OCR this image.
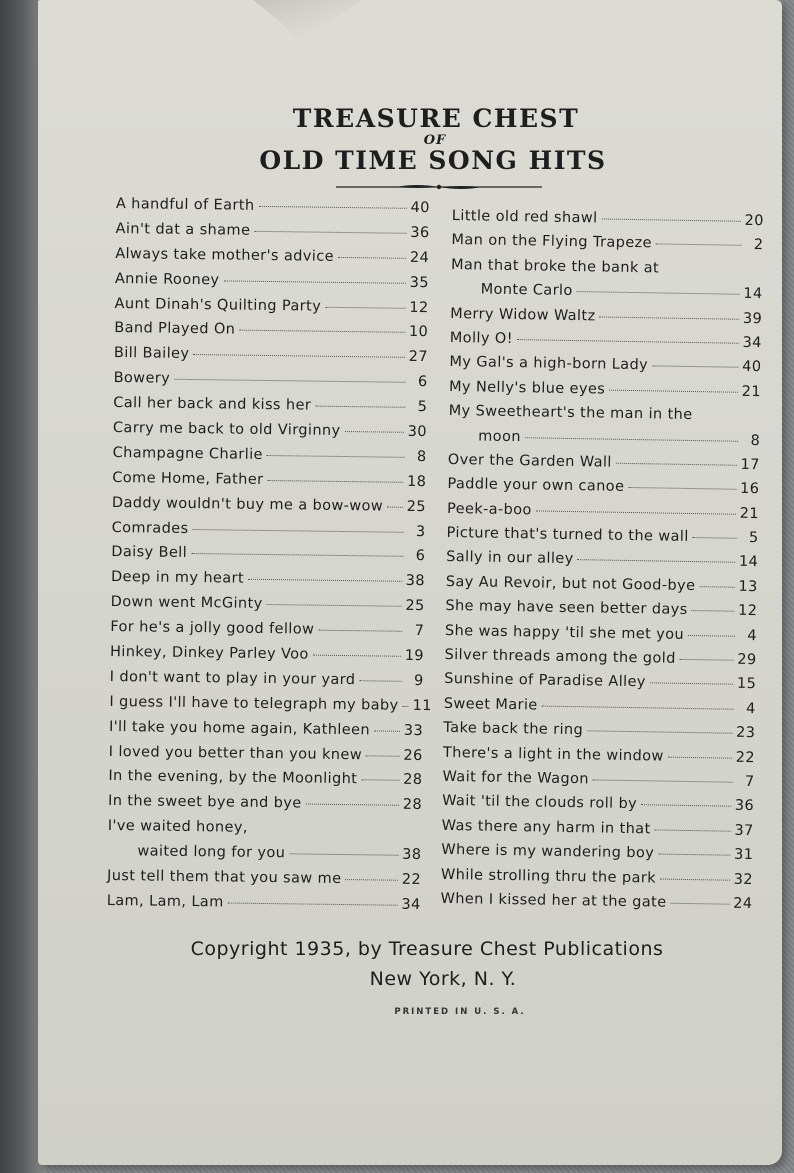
TREASURE CHEST
OF
OLD TIME SONG HITS
A handful of Earth	40
Ain't dat a shame	36
Always take mother's advice	24
Annie Rooney	35
Aunt Dinah's Quilting Party	12
Band Played On	10
Bill Bailey	27
Bowery	6
Call her back and kiss her	5
Carry me back to old Virginny	30
Champagne Charlie	8
Come Home, Father	18
Daddy wouldn't buy me a bow-wow 25
Comrades	3
Daisy Bell	6
Deep in my heart	38
Down went McGinty	25
For he's a jolly good fellow	7
Hinkey, Dinkey Parley Voo	19
I don't want to play in your yard	9
I guess I'll have to telegraph my baby 11
I'll take you home again, Kathleen 33
I loved you better than you knew	26
In the evening, by the Moonlight	28
In the sweet bye and bye	28
I've waited honey,
waited long for you	38
Just tell them that you saw me	22
Lam, Lam, Lam	34
Little old red shawl	20
Man on the Flying Trapeze	2
Man that broke the bank at
Monte Carlo	14
Merry Widow Waltz	39
Molly O!	34
My Gal's a high-born Lady	40
My Nelly's blue eyes	21
My Sweetheart's the man in the
moon	8
Over the Garden Wall	17
Paddle your own canoe	16
Peek-a-boo	21
Picture that's turned to the wall	5
Sally in our alley	14
Say Au Revoir, but not Good-bye	13
She may have seen better days	12
She was happy 'til she met you	4
Silver threads among the gold	29
Sunshine of Paradise Alley	15
Sweet Marie	4
Take back the ring	23
There's a light in the window	22
Wait for the Wagon	7
Wait 'til the clouds roll by	36
Was there any harm in that	37
Where is my wandering boy	31
While strolling thru the park	32
When I kissed her at the gate	24
Copyright 1935, by Treasure Chest Publications
New York, N. Y.
PRINTED IN U. S. A.
